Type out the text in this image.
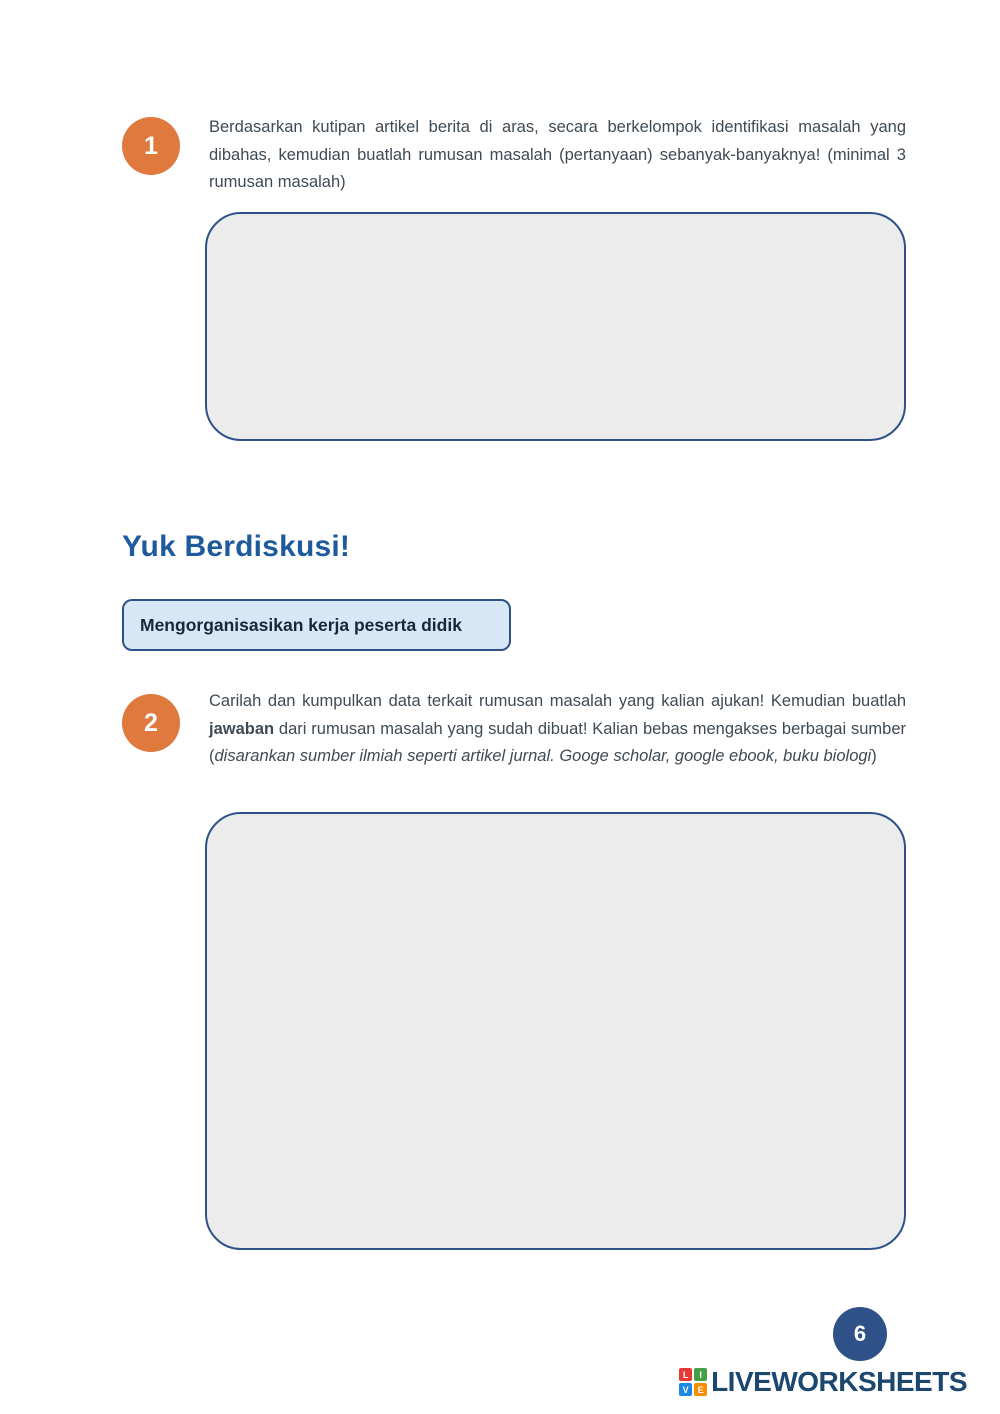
1

Berdasarkan kutipan artikel berita di aras, secara berkelompok identifikasi masalah yang dibahas, kemudian buatlah rumusan masalah (pertanyaan) sebanyak-banyaknya! (minimal 3 rumusan masalah)

Yuk Berdiskusi!
Mengorganisasikan kerja peserta didik
2

Carilah dan kumpulkan data terkait rumusan masalah yang kalian ajukan! Kemudian buatlah jawaban dari rumusan masalah yang sudah dibuat! Kalian bebas mengakses berbagai sumber (disarankan sumber ilmiah seperti artikel jurnal. Googe scholar, google ebook, buku biologi)

6
L	I
V E LIVEWORKSHEETS
